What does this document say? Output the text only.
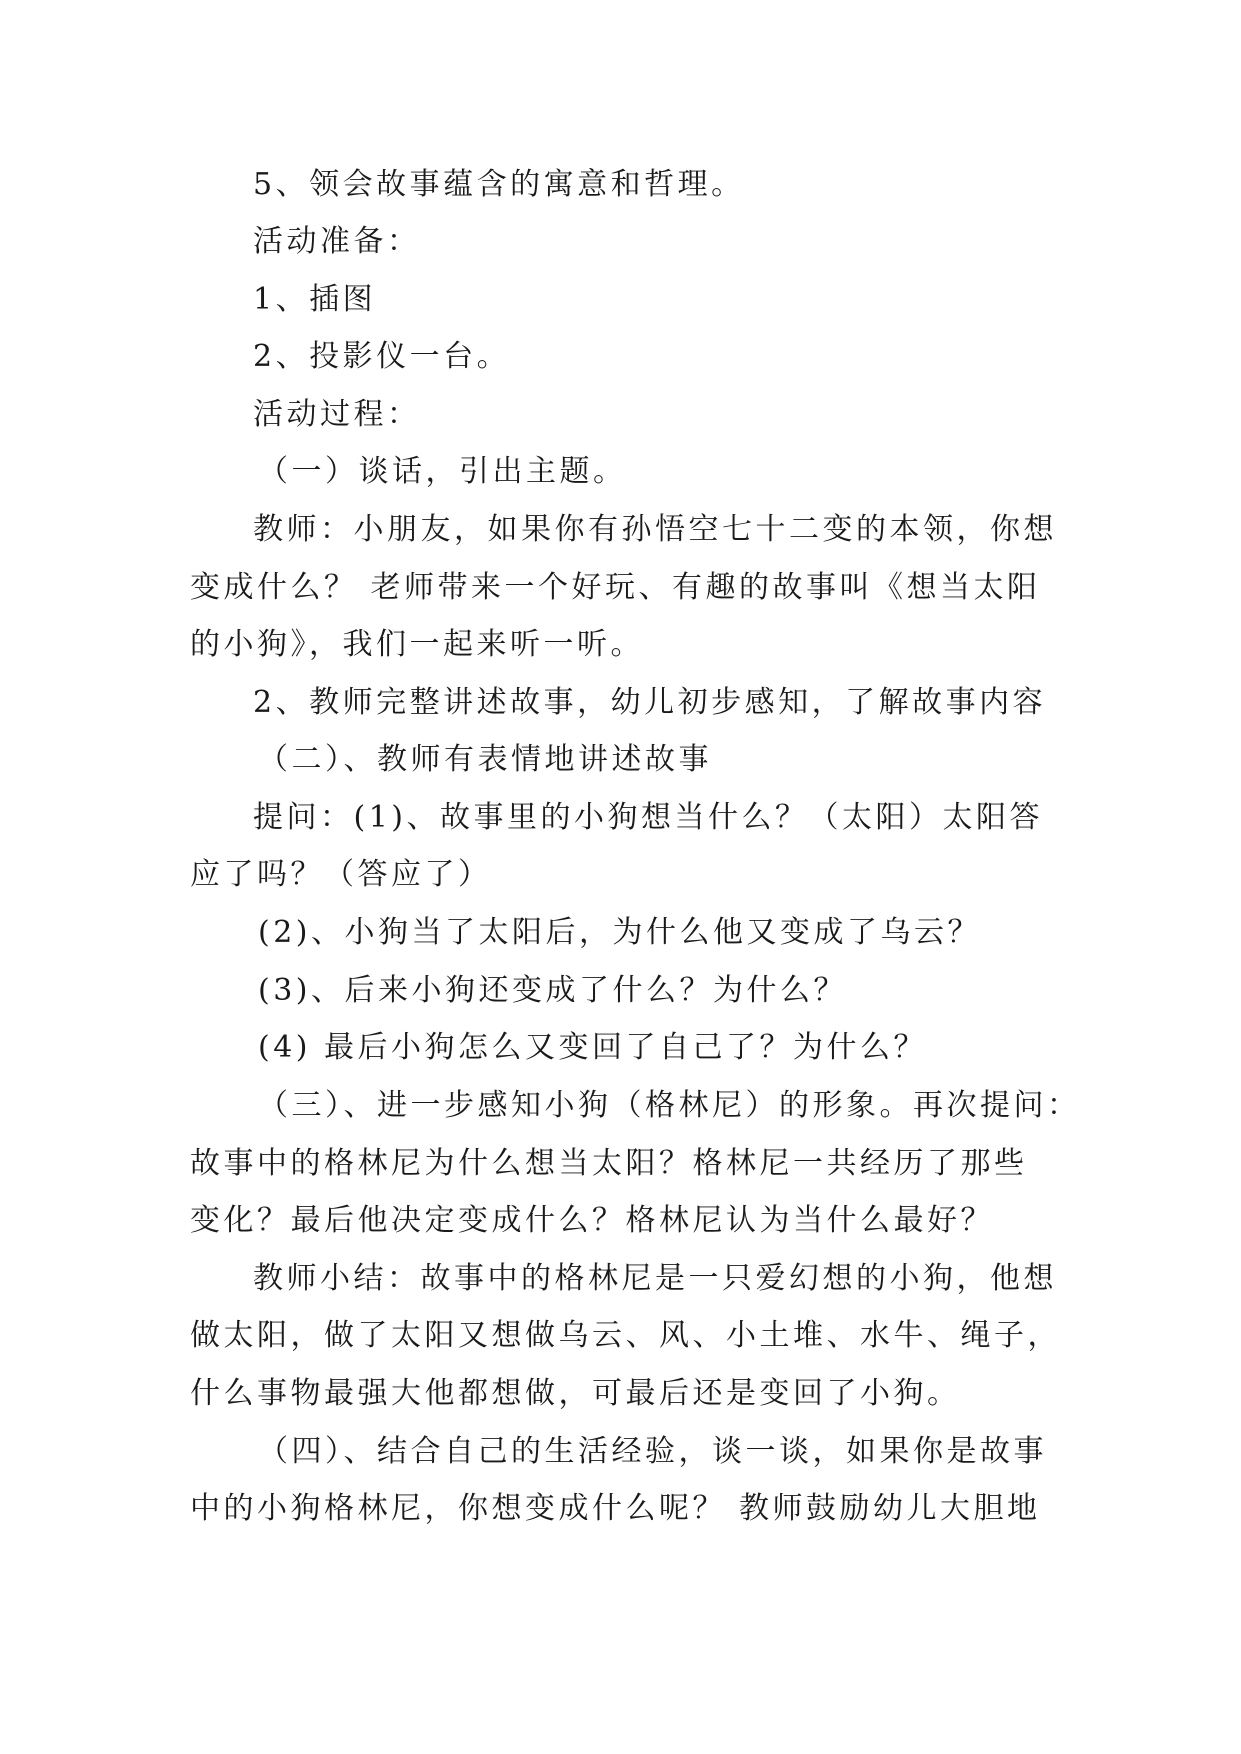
5、领会故事蕴含的寓意和哲理。
活动准备：
1、插图
2、投影仪一台。
活动过程：
（一）谈话，引出主题。
教师：小朋友，如果你有孙悟空七十二变的本领，你想
变成什么？ 老师带来一个好玩、有趣的故事叫《想当太阳
的小狗》，我们一起来听一听。
2、教师完整讲述故事，幼儿初步感知，了解故事内容
（二）、教师有表情地讲述故事
提问：(1)、故事里的小狗想当什么？（太阳）太阳答
应了吗？（答应了）
(2)、小狗当了太阳后，为什么他又变成了乌云？
(3)、后来小狗还变成了什么？为什么？
(4) 最后小狗怎么又变回了自己了？为什么？
（三）、进一步感知小狗（格林尼）的形象。再次提问：
故事中的格林尼为什么想当太阳？格林尼一共经历了那些
变化？最后他决定变成什么？格林尼认为当什么最好？
教师小结：故事中的格林尼是一只爱幻想的小狗，他想
做太阳，做了太阳又想做乌云、风、小土堆、水牛、绳子，
什么事物最强大他都想做，可最后还是变回了小狗。
（四）、结合自己的生活经验，谈一谈，如果你是故事
中的小狗格林尼，你想变成什么呢？ 教师鼓励幼儿大胆地
